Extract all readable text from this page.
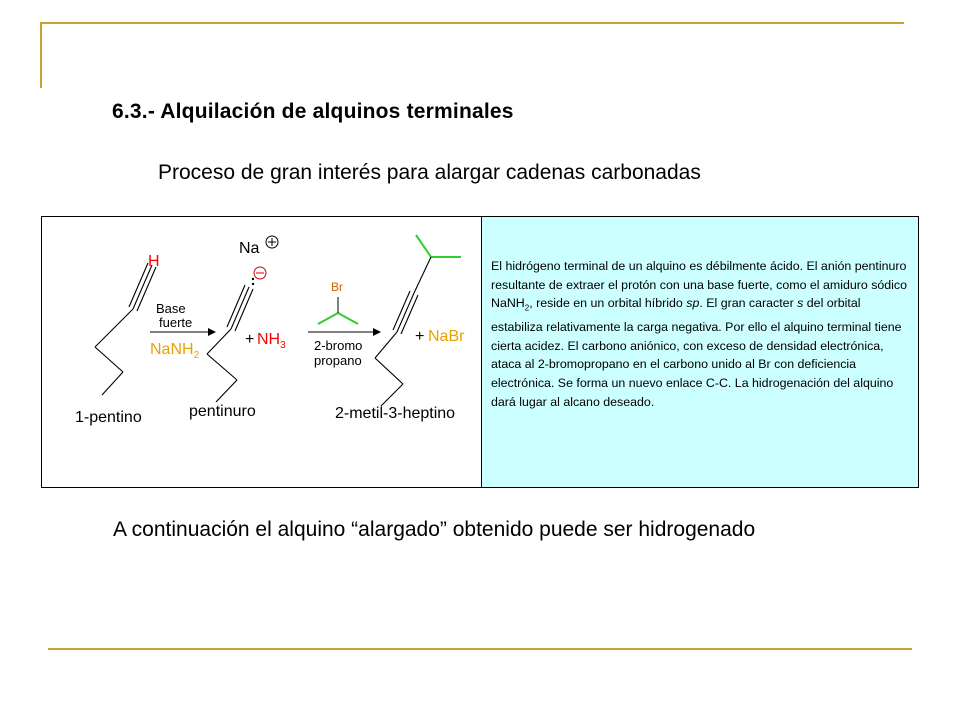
6.3.- Alquilación de alquinos terminales
Proceso de gran interés para alargar cadenas carbonadas
H
1-pentino
Base
fuerte
NaNH$_2$
Na
+ $NH_3$
pentinuro
Br
2-bromo
propano
+ NaBr
2-metil-3-heptino
El hidrógeno terminal de un alquino es débilmente ácido. El anión pentinuro resultante de extraer el protón con una base fuerte, como el amiduro sódico NaNH$_2$, reside en un orbital híbrido sp. El gran caracter s del orbital estabiliza relativamente la carga negativa. Por ello el alquino terminal tiene cierta acidez. El carbono aniónico, con exceso de densidad electrónica, ataca al 2-bromopropano en el carbono unido al Br con deficiencia electrónica. Se forma un nuevo enlace C-C. La hidrogenación del alquino dará lugar al alcano deseado.
A continuación el alquino “alargado” obtenido puede ser hidrogenado
